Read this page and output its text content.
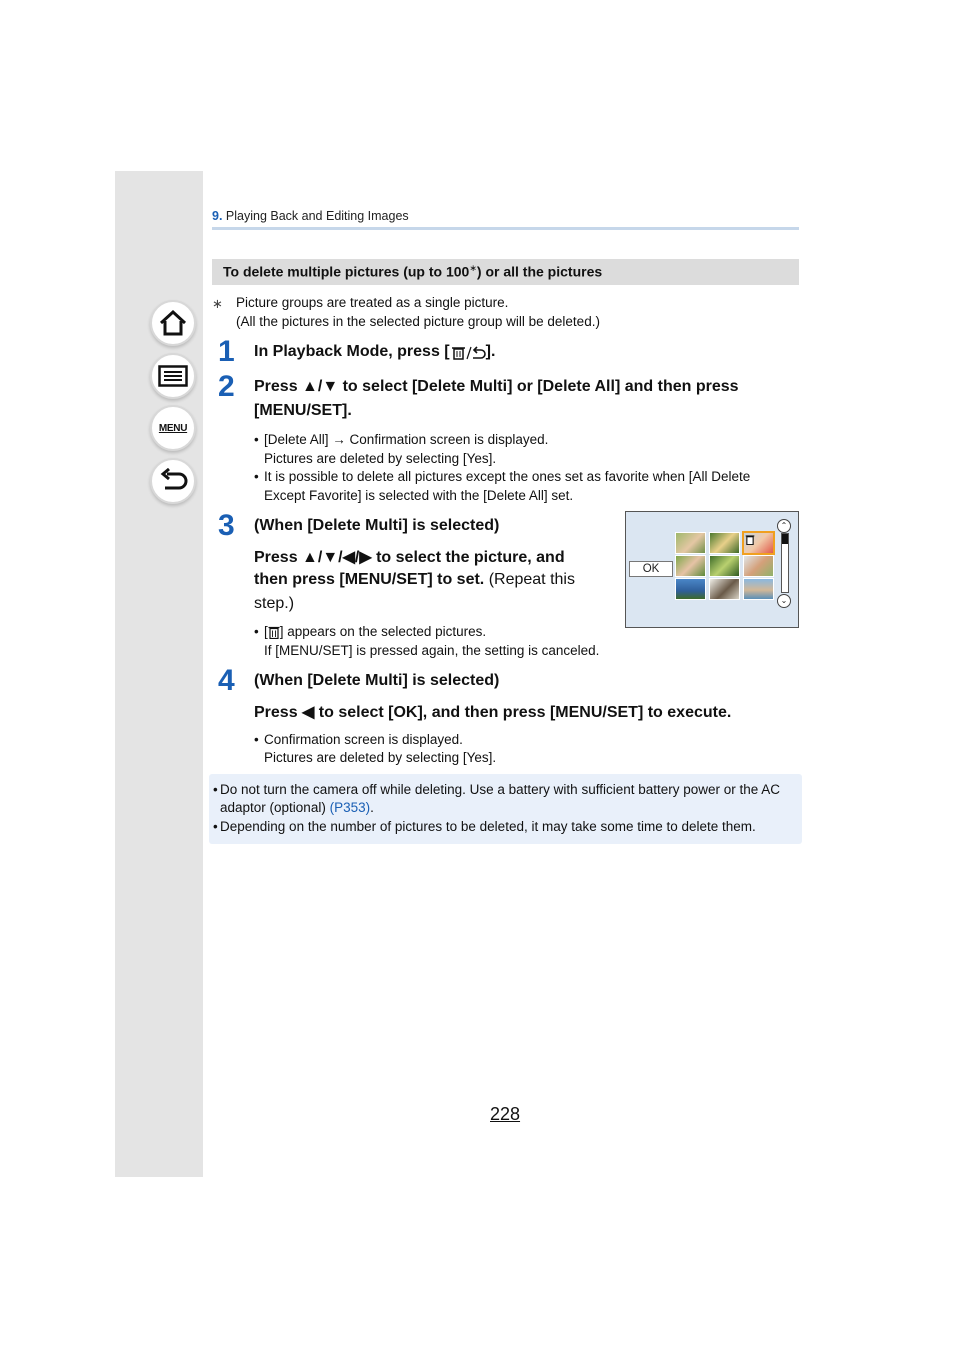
MENU
9. Playing Back and Editing Images
To delete multiple pictures (up to 100∗) or all the pictures
∗ Picture groups are treated as a single picture.
(All the pictures in the selected picture group will be deleted.)
1 In Playback Mode, press [ ].
2 Press ▲/▼ to select [Delete Multi] or [Delete All] and then press
[MENU/SET].
• [Delete All] → Confirmation screen is displayed.
Pictures are deleted by selecting [Yes].
• It is possible to delete all pictures except the ones set as favorite when [All Delete
Except Favorite] is selected with the [Delete All] set.
3 (When [Delete Multi] is selected)
Press ▲/▼/◀/▶ to select the picture, and
then press [MENU/SET] to set. (Repeat this
step.)
• [ ] appears on the selected pictures.
If [MENU/SET] is pressed again, the setting is canceled.
OK
⌃
⌄
4 (When [Delete Multi] is selected)
Press ◀ to select [OK], and then press [MENU/SET] to execute.
• Confirmation screen is displayed.
Pictures are deleted by selecting [Yes].
• Do not turn the camera off while deleting. Use a battery with sufficient battery power or the AC
adaptor (optional) (P353).
• Depending on the number of pictures to be deleted, it may take some time to delete them.
228
